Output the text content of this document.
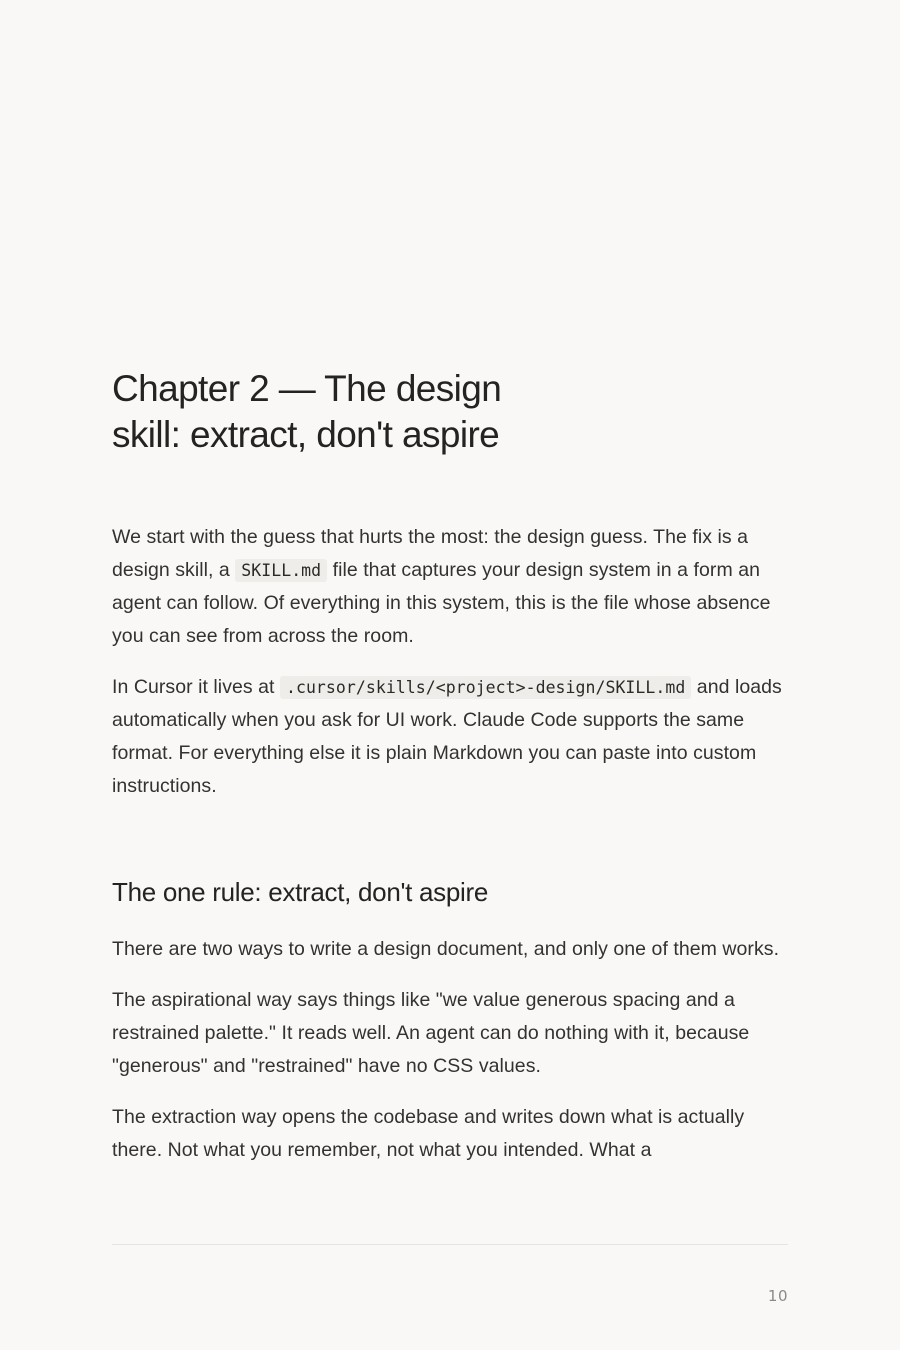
Chapter 2 — The design skill: extract, don't aspire

We start with the guess that hurts the most: the design guess. The fix is a design skill, a SKILL.md file that captures your design system in a form an agent can follow. Of everything in this system, this is the file whose absence you can see from across the room.

In Cursor it lives at .cursor/skills/<project>-design/SKILL.md and loads automatically when you ask for UI work. Claude Code supports the same format. For everything else it is plain Markdown you can paste into custom instructions.

The one rule: extract, don't aspire

There are two ways to write a design document, and only one of them works.

The aspirational way says things like "we value generous spacing and a restrained palette." It reads well. An agent can do nothing with it, because "generous" and "restrained" have no CSS values.

The extraction way opens the codebase and writes down what is actually there. Not what you remember, not what you intended. What a

10
